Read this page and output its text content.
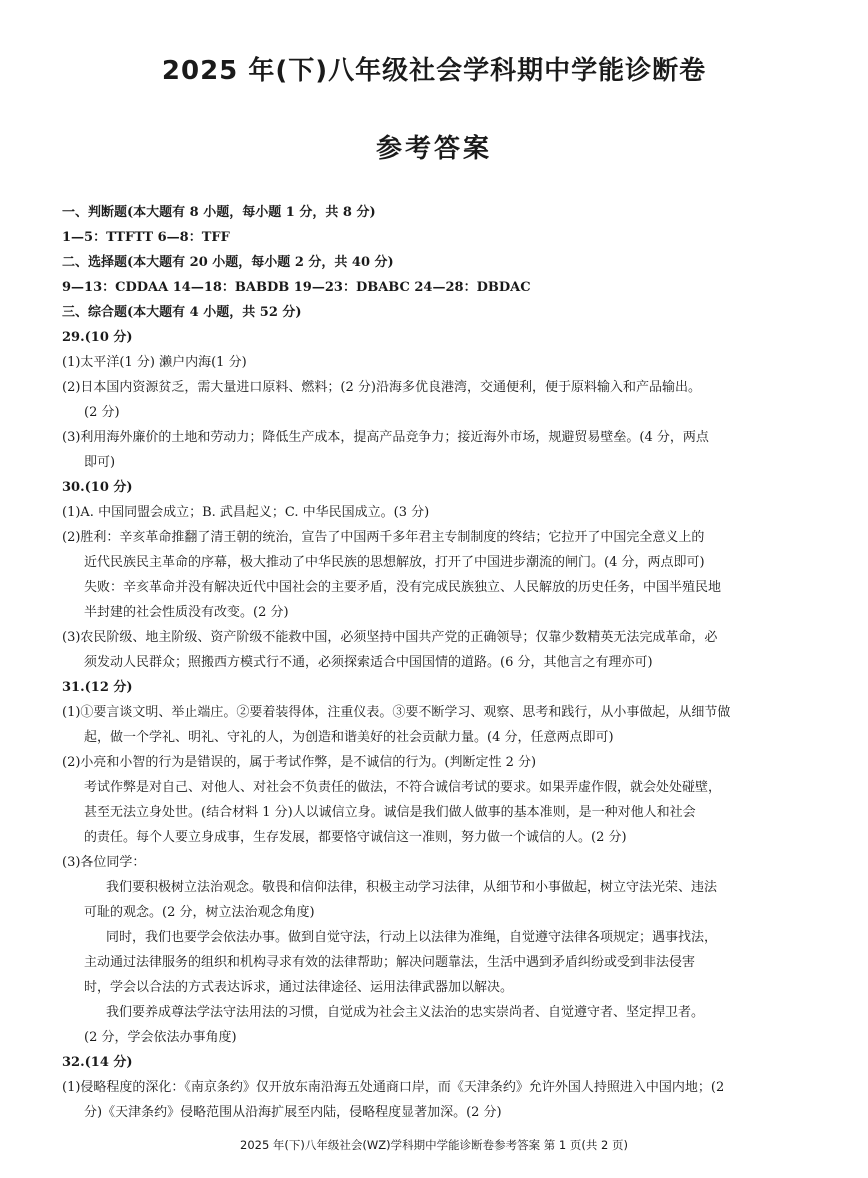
2025 年(下)八年级社会学科期中学能诊断卷
参考答案
一、判断题(本大题有 8 小题，每小题 1 分，共 8 分)
1—5：TTFTT 6—8：TFF
二、选择题(本大题有 20 小题，每小题 2 分，共 40 分)
9—13：CDDAA 14—18：BABDB 19—23：DBABC 24—28：DBDAC
三、综合题(本大题有 4 小题，共 52 分)
29.(10 分)
(1)太平洋(1 分) 濑户内海(1 分)
(2)日本国内资源贫乏，需大量进口原料、燃料；(2 分)沿海多优良港湾，交通便利，便于原料输入和产品输出。
(2 分)
(3)利用海外廉价的土地和劳动力；降低生产成本，提高产品竞争力；接近海外市场，规避贸易壁垒。(4 分，两点
即可)
30.(10 分)
(1)A. 中国同盟会成立；B. 武昌起义；C. 中华民国成立。(3 分)
(2)胜利：辛亥革命推翻了清王朝的统治，宣告了中国两千多年君主专制制度的终结；它拉开了中国完全意义上的
近代民族民主革命的序幕，极大推动了中华民族的思想解放，打开了中国进步潮流的闸门。(4 分，两点即可)
失败：辛亥革命并没有解决近代中国社会的主要矛盾，没有完成民族独立、人民解放的历史任务，中国半殖民地
半封建的社会性质没有改变。(2 分)
(3)农民阶级、地主阶级、资产阶级不能救中国，必须坚持中国共产党的正确领导；仅靠少数精英无法完成革命，必
须发动人民群众；照搬西方模式行不通，必须探索适合中国国情的道路。(6 分，其他言之有理亦可)
31.(12 分)
(1)①要言谈文明、举止端庄。②要着装得体，注重仪表。③要不断学习、观察、思考和践行，从小事做起，从细节做
起，做一个学礼、明礼、守礼的人，为创造和谐美好的社会贡献力量。(4 分，任意两点即可)
(2)小亮和小智的行为是错误的，属于考试作弊，是不诚信的行为。(判断定性 2 分)
考试作弊是对自己、对他人、对社会不负责任的做法，不符合诚信考试的要求。如果弄虚作假，就会处处碰壁，
甚至无法立身处世。(结合材料 1 分)人以诚信立身。诚信是我们做人做事的基本准则，是一种对他人和社会
的责任。每个人要立身成事，生存发展，都要恪守诚信这一准则，努力做一个诚信的人。(2 分)
(3)各位同学：
我们要积极树立法治观念。敬畏和信仰法律，积极主动学习法律，从细节和小事做起，树立守法光荣、违法
可耻的观念。(2 分，树立法治观念角度)
同时，我们也要学会依法办事。做到自觉守法，行动上以法律为准绳，自觉遵守法律各项规定；遇事找法，
主动通过法律服务的组织和机构寻求有效的法律帮助；解决问题靠法，生活中遇到矛盾纠纷或受到非法侵害
时，学会以合法的方式表达诉求，通过法律途径、运用法律武器加以解决。
我们要养成尊法学法守法用法的习惯，自觉成为社会主义法治的忠实崇尚者、自觉遵守者、坚定捍卫者。
(2 分，学会依法办事角度)
32.(14 分)
(1)侵略程度的深化：《南京条约》仅开放东南沿海五处通商口岸，而《天津条约》允许外国人持照进入中国内地；(2
分)《天津条约》侵略范围从沿海扩展至内陆，侵略程度显著加深。(2 分)
2025 年(下)八年级社会(WZ)学科期中学能诊断卷参考答案 第 1 页(共 2 页)
